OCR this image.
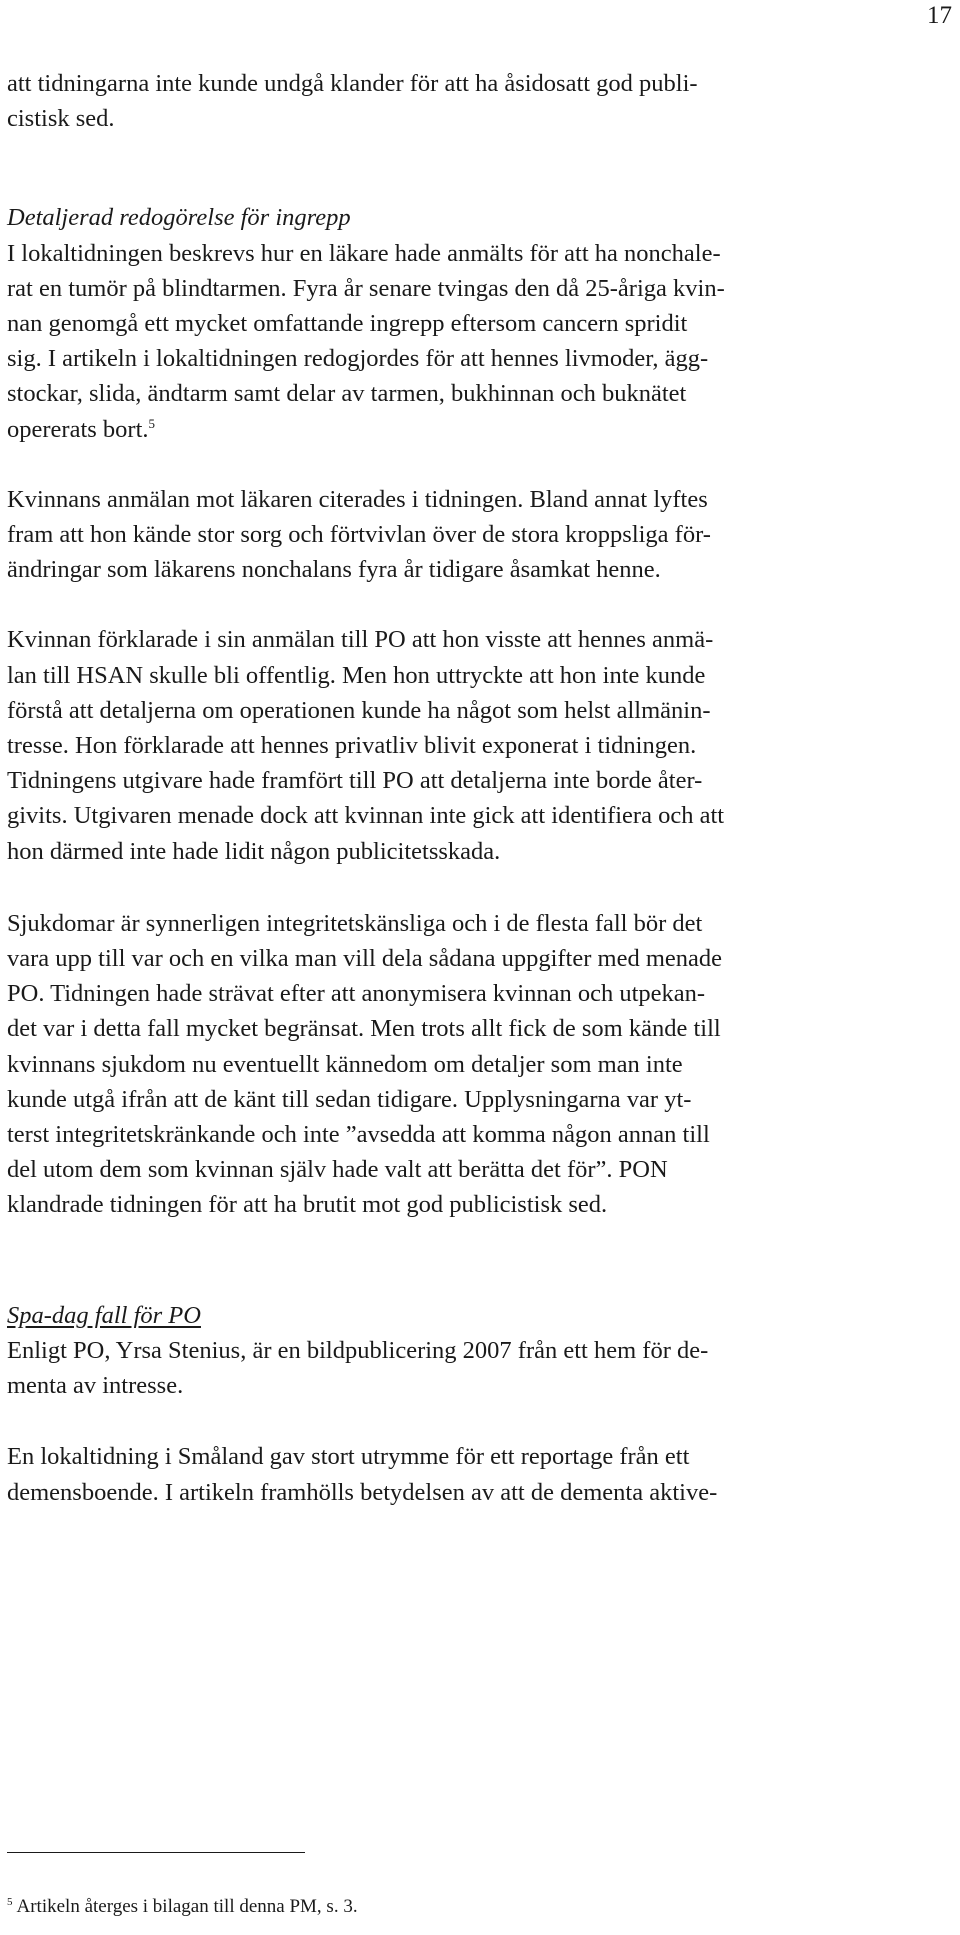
17

att tidningarna inte kunde undgå klander för att ha åsidosatt god publi-
cistisk sed.

Detaljerad redogörelse för ingrepp
I lokaltidningen beskrevs hur en läkare hade anmälts för att ha nonchale-
rat en tumör på blindtarmen. Fyra år senare tvingas den då 25-åriga kvin-
nan genomgå ett mycket omfattande ingrepp eftersom cancern spridit
sig. I artikeln i lokaltidningen redogjordes för att hennes livmoder, ägg-
stockar, slida, ändtarm samt delar av tarmen, bukhinnan och buknätet
opererats bort.$^5$

Kvinnans anmälan mot läkaren citerades i tidningen. Bland annat lyftes
fram att hon kände stor sorg och förtvivlan över de stora kroppsliga för-
ändringar som läkarens nonchalans fyra år tidigare åsamkat henne.

Kvinnan förklarade i sin anmälan till PO att hon visste att hennes anmä-
lan till HSAN skulle bli offentlig. Men hon uttryckte att hon inte kunde
förstå att detaljerna om operationen kunde ha något som helst allmänin-
tresse. Hon förklarade att hennes privatliv blivit exponerat i tidningen.
Tidningens utgivare hade framfört till PO att detaljerna inte borde åter-
givits. Utgivaren menade dock att kvinnan inte gick att identifiera och att
hon därmed inte hade lidit någon publicitetsskada.

Sjukdomar är synnerligen integritetskänsliga och i de flesta fall bör det
vara upp till var och en vilka man vill dela sådana uppgifter med menade
PO. Tidningen hade strävat efter att anonymisera kvinnan och utpekan-
det var i detta fall mycket begränsat. Men trots allt fick de som kände till
kvinnans sjukdom nu eventuellt kännedom om detaljer som man inte
kunde utgå ifrån att de känt till sedan tidigare. Upplysningarna var yt-
terst integritetskränkande och inte ”avsedda att komma någon annan till
del utom dem som kvinnan själv hade valt att berätta det för”. PON
klandrade tidningen för att ha brutit mot god publicistisk sed.

Spa-dag fall för PO
Enligt PO, Yrsa Stenius, är en bildpublicering 2007 från ett hem för de-
menta av intresse.

En lokaltidning i Småland gav stort utrymme för ett reportage från ett
demensboende. I artikeln framhölls betydelsen av att de dementa aktive-

$^5$ Artikeln återges i bilagan till denna PM, s. 3.
